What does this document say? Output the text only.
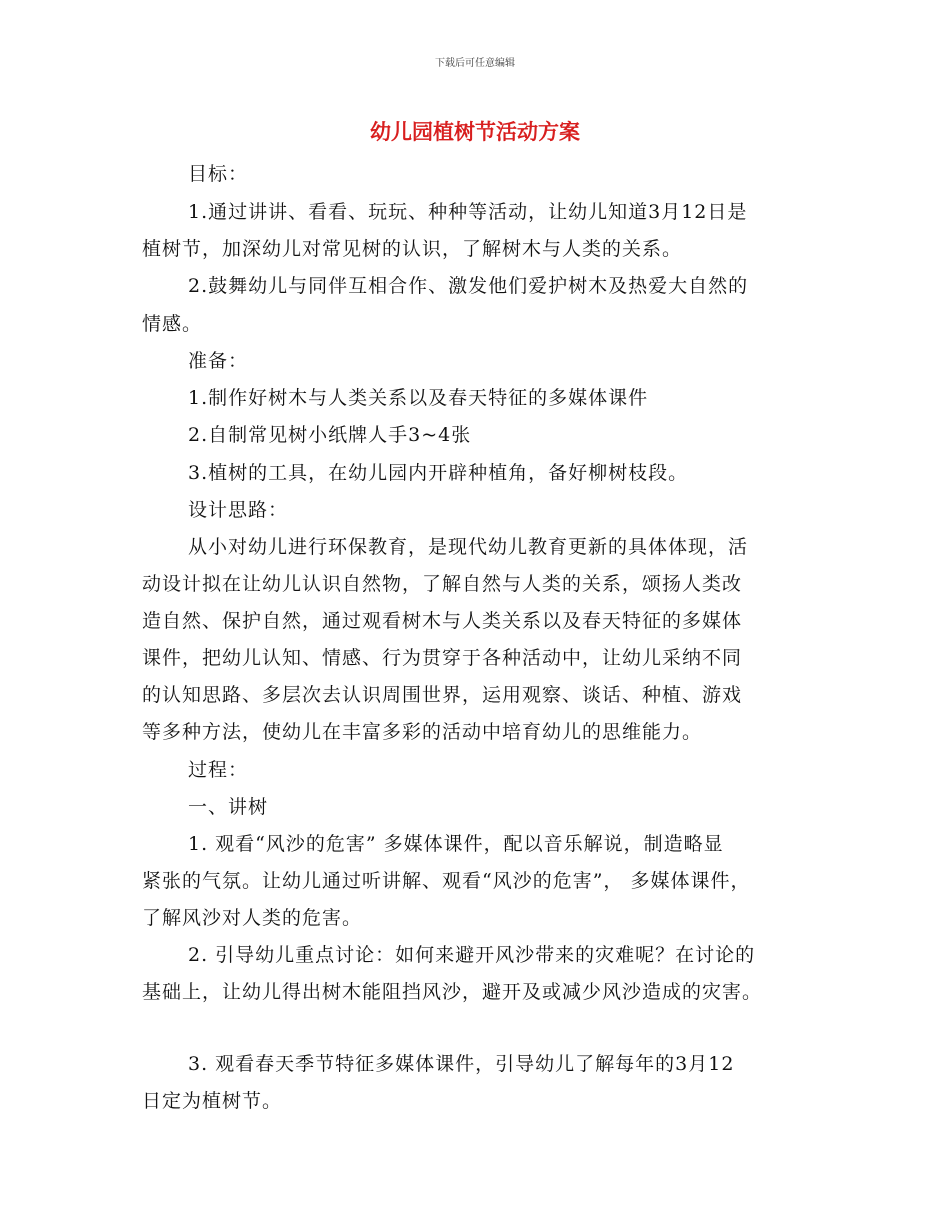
下载后可任意编辑
幼儿园植树节活动方案
目标：
1.通过讲讲、看看、玩玩、种种等活动，让幼儿知道3月12日是
植树节，加深幼儿对常见树的认识，了解树木与人类的关系。
2.鼓舞幼儿与同伴互相合作、激发他们爱护树木及热爱大自然的
情感。
准备：
1.制作好树木与人类关系以及春天特征的多媒体课件
2.自制常见树小纸牌人手3~4张
3.植树的工具，在幼儿园内开辟种植角，备好柳树枝段。
设计思路：
从小对幼儿进行环保教育，是现代幼儿教育更新的具体体现，活
动设计拟在让幼儿认识自然物，了解自然与人类的关系，颂扬人类改
造自然、保护自然，通过观看树木与人类关系以及春天特征的多媒体
课件，把幼儿认知、情感、行为贯穿于各种活动中，让幼儿采纳不同
的认知思路、多层次去认识周围世界，运用观察、谈话、种植、游戏
等多种方法，使幼儿在丰富多彩的活动中培育幼儿的思维能力。
过程：
一、讲树
1. 观看“风沙的危害” 多媒体课件，配以音乐解说，制造略显
紧张的气氛。让幼儿通过听讲解、观看“风沙的危害”， 多媒体课件，
了解风沙对人类的危害。
2. 引导幼儿重点讨论：如何来避开风沙带来的灾难呢？在讨论的
基础上，让幼儿得出树木能阻挡风沙，避开及或减少风沙造成的灾害。
3. 观看春天季节特征多媒体课件，引导幼儿了解每年的3月12
日定为植树节。
